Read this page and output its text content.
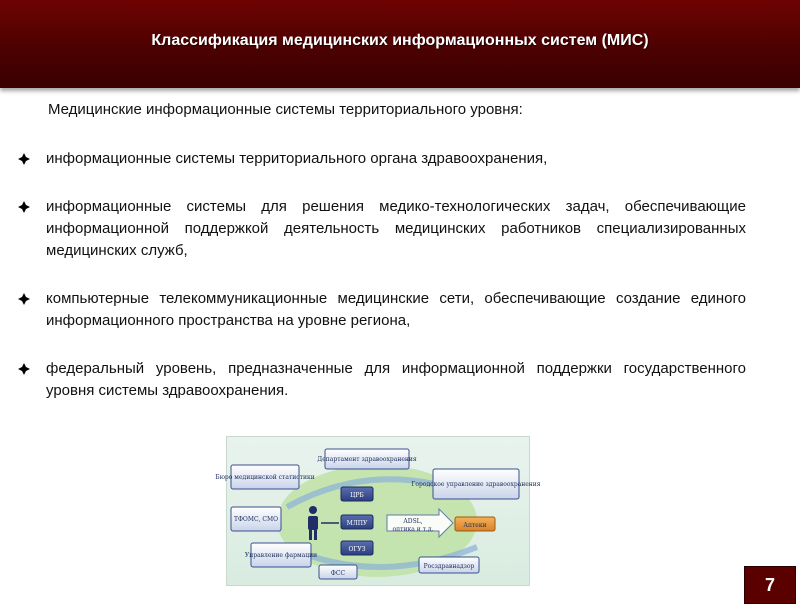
Классификация медицинских информационных систем (МИС)
Медицинские информационные системы территориального уровня:
информационные системы территориального органа здравоохранения,
информационные системы для решения медико-технологических задач, обеспечивающие информационной поддержкой деятельность медицинских работников специализированных медицинских служб,
компьютерные телекоммуникационные медицинские сети, обеспечивающие создание единого информационного пространства на уровне региона,
федеральный уровень, предназначенные для информационной поддержки государственного уровня системы здравоохранения.
Департамент здравоохранения
Бюро медицинской статистики
Городское управление здравоохранения
ТФОМС, СМО
Управление фармации
ФСС
Росздравнадзор
ЦРБ
МЛПУ
ОГУЗ
ADSL,
оптика и т.д.
Аптеки
7
